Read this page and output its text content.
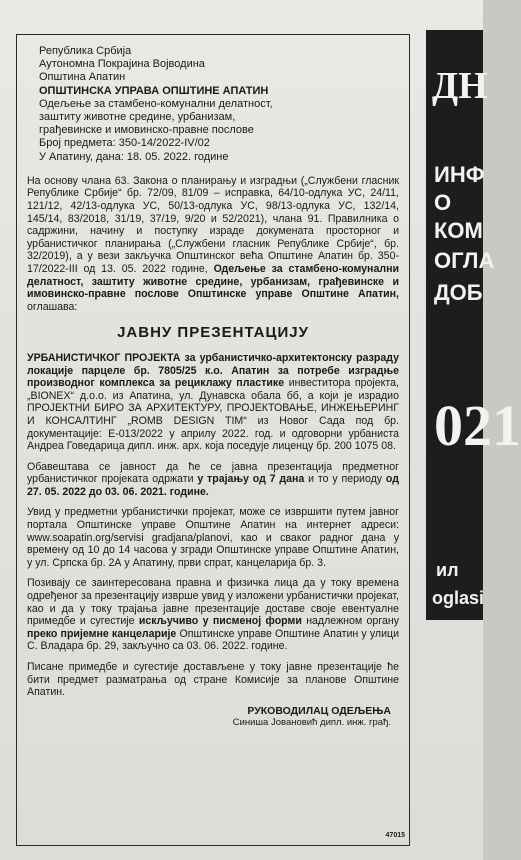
Република Србија

Аутономна Покрајина Војводина

Општина Апатин

ОПШТИНСКА УПРАВА ОПШТИНЕ АПАТИН

Одељење за стамбено-комунални делатност,

заштиту животне средине, урбанизам,

грађевинске и имовинско-правне послове

Број предмета: 350-14/2022-IV/02

У Апатину, дана: 18. 05. 2022. године

На основу члана 63. Закона о планирању и изградњи („Службени гласник Републике Србије“ бр. 72/09, 81/09 – исправка, 64/10-одлука УС, 24/11, 121/12, 42/13-одлука УС, 50/13-одлука УС, 98/13-одлука УС, 132/14, 145/14, 83/2018, 31/19, 37/19, 9/20 и 52/2021), члана 91. Правилника о садржини, начину и поступку израде докумената просторног и урбанистичког планирања („Службени гласник Републике Србије“, бр. 32/2019), а у вези закључка Општинског већа Општине Апатин бр. 350-17/2022-III од 13. 05. 2022 године, Одељење за стамбено-комунални делатност, заштиту животне средине, урбанизам, грађевинске и имовинско-правне послове Општинске управе Општине Апатин, оглашава:

ЈАВНУ ПРЕЗЕНТАЦИЈУ

УРБАНИСТИЧКОГ ПРОЈЕКТА за урбанистичко-архитектонску разраду локације парцеле бр. 7805/25 к.о. Апатин за потребе изградње производног комплекса за рециклажу пластике инвеститора пројекта, „BIONEX“ д.о.о. из Апатина, ул. Дунавска обала бб, а који је израдио ПРОЈЕКТНИ БИРО ЗА АРХИТЕКТУРУ, ПРОЈЕКТОВАЊЕ, ИНЖЕЊЕРИНГ И КОНСАЛТИНГ „ROMB DESIGN TIM“ из Новог Сада под бр. документације: Е-013/2022 у априлу 2022. год. и одговорни урбаниста Андреа Говедарица дипл. инж. арх. која поседује лиценцу бр. 200 1075 08.

Обавештава се јавност да ће се јавна презентација предметног урбанистичког пројеката одржати у трајању од 7 дана и то у периоду од 27. 05. 2022 до 03. 06. 2021. године.

Увид у предметни урбанистички пројекат, може се извршити путем јавног портала Општинске управе Општине Апатин на интернет адреси: www.soapatin.org/servisi gradjana/planovi, као и сваког радног дана у времену од 10 до 14 часова у згради Општинске управе Општине Апатин, у ул. Српска бр. 2А у Апатину, први спрат, канцеларија бр. 3.

Позивају се заинтересована правна и физичка лица да у току времена одређеног за презентацију изврше увид у изложени урбанистички пројекат, као и да у току трајања јавне презентације доставе своје евентуалне примедбе и сугестије искључиво у писменој форми надлежном органу преко пријемне канцеларије Општинске управе Општине Апатин у улици С. Владара бр. 29, закључно са 03. 06. 2022. године.

Писане примедбе и сугестије достављене у току јавне презентације ће бити предмет разматрања од стране Комисије за планове Општине Апатин.

РУКОВОДИЛАЦ ОДЕЉЕЊА

Синиша Јовановић дипл. инж. грађ.

47015
ДН
ИНФ
О
КОМ
ОГЛА
ДОБ
021
ил
oglasi
